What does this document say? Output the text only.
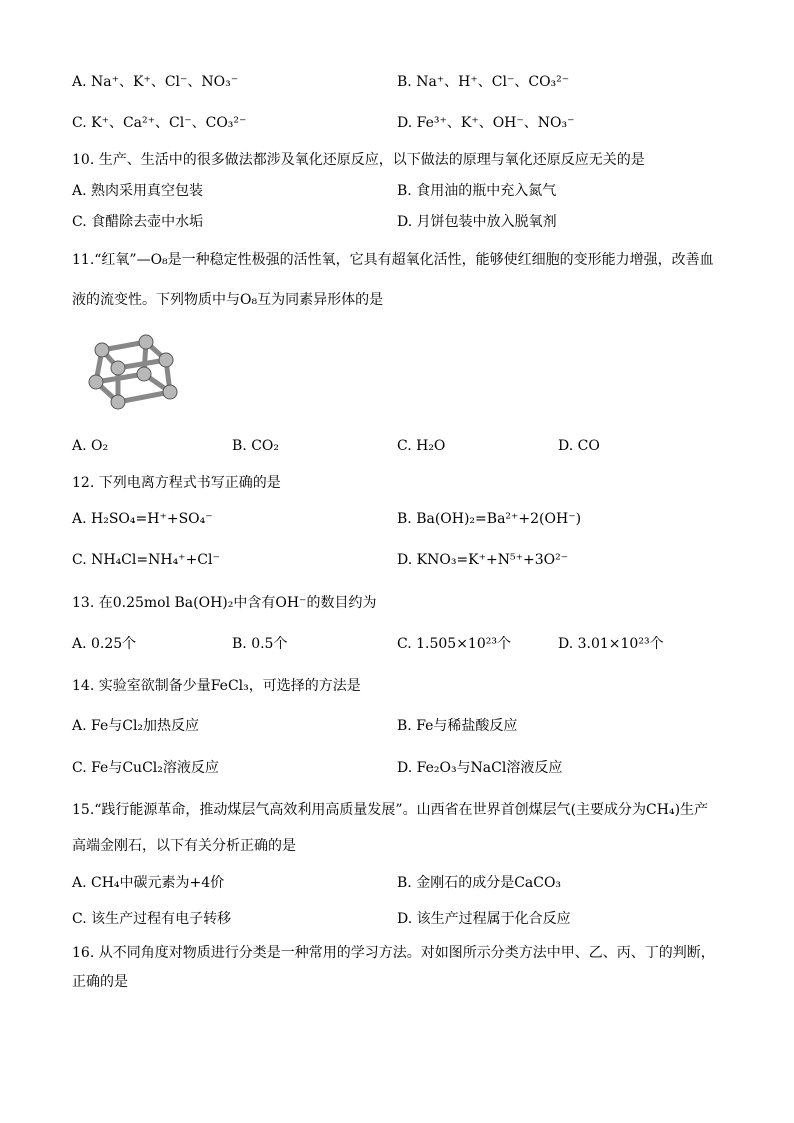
A. Na⁺、K⁺、Cl⁻、NO₃⁻	B. Na⁺、H⁺、Cl⁻、CO₃²⁻
C. K⁺、Ca²⁺、Cl⁻、CO₃²⁻	D. Fe³⁺、K⁺、OH⁻、NO₃⁻
10. 生产、生活中的很多做法都涉及氧化还原反应，以下做法的原理与氧化还原反应无关的是
A. 熟肉采用真空包装	B. 食用油的瓶中充入氮气
C. 食醋除去壶中水垢	D. 月饼包装中放入脱氧剂
11.“红氧”—O₈是一种稳定性极强的活性氧，它具有超氧化活性，能够使红细胞的变形能力增强，改善血
液的流变性。下列物质中与O₈互为同素异形体的是
A. O₂	B. CO₂	C. H₂O	D. CO
12. 下列电离方程式书写正确的是
A. H₂SO₄=H⁺+SO₄⁻	B. Ba(OH)₂=Ba²⁺+2(OH⁻)
C. NH₄Cl=NH₄⁺+Cl⁻	D. KNO₃=K⁺+N⁵⁺+3O²⁻
13. 在0.25mol Ba(OH)₂中含有OH⁻的数目约为
A. 0.25个	B. 0.5个	C. 1.505×10²³个	D. 3.01×10²³个
14. 实验室欲制备少量FeCl₃，可选择的方法是
A. Fe与Cl₂加热反应	B. Fe与稀盐酸反应
C. Fe与CuCl₂溶液反应	D. Fe₂O₃与NaCl溶液反应
15.“践行能源革命，推动煤层气高效利用高质量发展”。山西省在世界首创煤层气(主要成分为CH₄)生产
高端金刚石，以下有关分析正确的是
A. CH₄中碳元素为+4价	B. 金刚石的成分是CaCO₃
C. 该生产过程有电子转移	D. 该生产过程属于化合反应
16. 从不同角度对物质进行分类是一种常用的学习方法。对如图所示分类方法中甲、乙、丙、丁的判断，
正确的是
